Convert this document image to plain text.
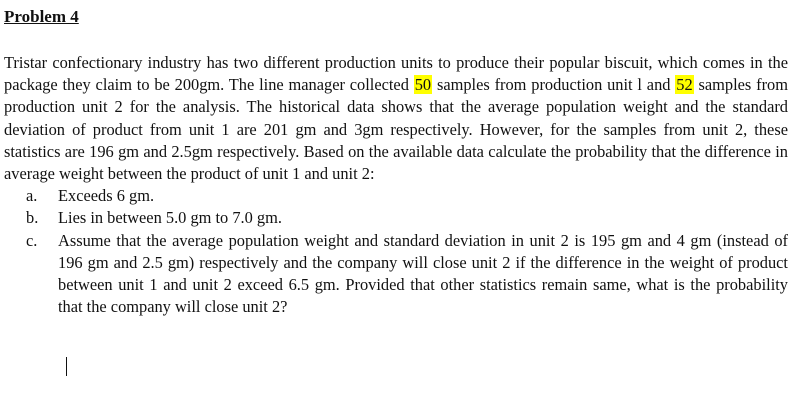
Problem 4

Tristar confectionary industry has two different production units to produce their popular biscuit, which comes in the package they claim to be 200gm. The line manager collected 50 samples from production unit l and 52 samples from production unit 2 for the analysis. The historical data shows that the average population weight and the standard deviation of product from unit 1 are 201 gm and 3gm respectively. However, for the samples from unit 2, these statistics are 196 gm and 2.5gm respectively. Based on the available data calculate the probability that the difference in average weight between the product of unit 1 and unit 2:

a.	Exceeds 6 gm.
b.	Lies in between 5.0 gm to 7.0 gm.
c.	Assume that the average population weight and standard deviation in unit 2 is 195 gm and 4 gm (instead of 196 gm and 2.5 gm) respectively and the company will close unit 2 if the difference in the weight of product between unit 1 and unit 2 exceed 6.5 gm. Provided that other statistics remain same, what is the probability that the company will close unit 2?
